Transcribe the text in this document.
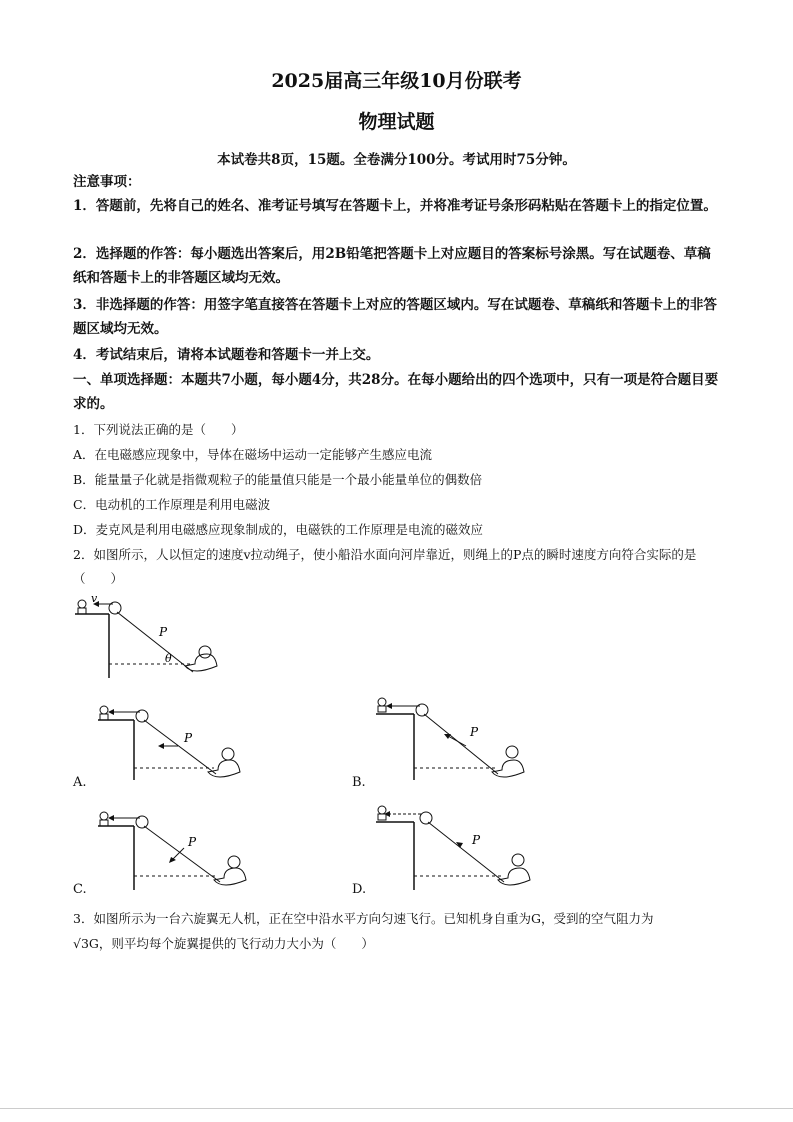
2025届高三年级10月份联考
物理试题
本试卷共8页，15题。全卷满分100分。考试用时75分钟。
注意事项：
1．答题前，先将自己的姓名、准考证号填写在答题卡上，并将准考证号条形码粘贴在答题卡上的指定位置。
2．选择题的作答：每小题选出答案后，用2B铅笔把答题卡上对应题目的答案标号涂黑。写在试题卷、草稿纸和答题卡上的非答题区域均无效。
3．非选择题的作答：用签字笔直接答在答题卡上对应的答题区域内。写在试题卷、草稿纸和答题卡上的非答题区域均无效。
4．考试结束后，请将本试题卷和答题卡一并上交。
一、单项选择题：本题共7小题，每小题4分，共28分。在每小题给出的四个选项中，只有一项是符合题目要求的。
1．下列说法正确的是（　　）
A．在电磁感应现象中，导体在磁场中运动一定能够产生感应电流
B．能量量子化就是指微观粒子的能量值只能是一个最小能量单位的偶数倍
C．电动机的工作原理是利用电磁波
D．麦克风是利用电磁感应现象制成的，电磁铁的工作原理是电流的磁效应
2．如图所示，人以恒定的速度v拉动绳子，使小船沿水面向河岸靠近，则绳上的P点的瞬时速度方向符合实际的是（　　）
v
P
θ
P
A.
P
B.
P
C.
P
D.
3．如图所示为一台六旋翼无人机，正在空中沿水平方向匀速飞行。已知机身自重为G，受到的空气阻力为
√3G，则平均每个旋翼提供的飞行动力大小为（　　）
